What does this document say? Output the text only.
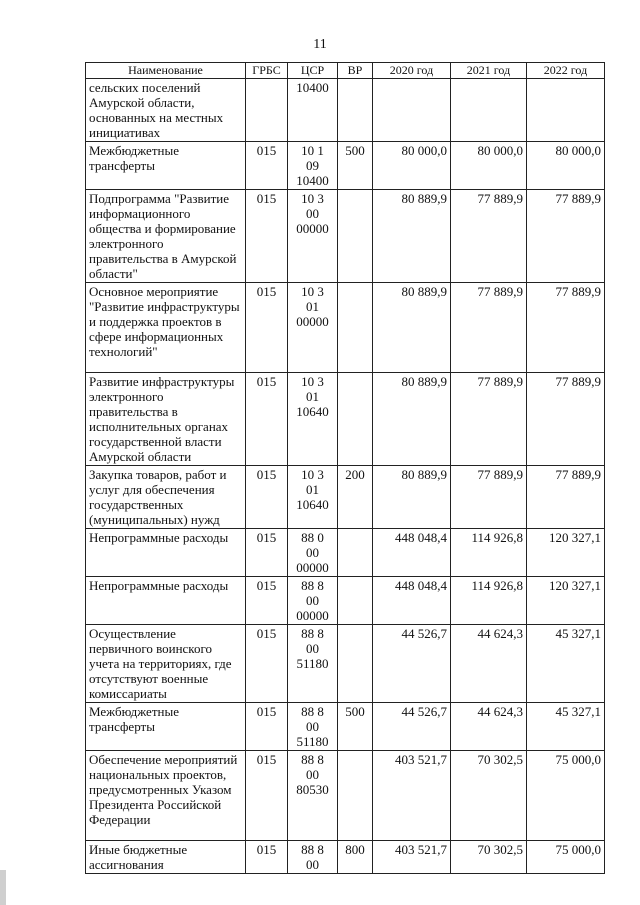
11
Наименование	ГРБС	ЦСР	ВР	2020 год	2021 год	2022 год
сельских поселений Амурской области, основанных на местных инициативах		10400				

Межбюджетные трансферты	015	10 1
09
10400	500	80 000,0	80 000,0	80 000,0
Подпрограмма "Развитие информационного общества и формирование электронного правительства в Амурской области"	015	10 3
00
00000		80 889,9	77 889,9	77 889,9
Основное мероприятие "Развитие инфраструктуры и поддержка проектов в сфере информационных технологий"	015	10 3
01
00000		80 889,9	77 889,9	77 889,9
Развитие инфраструктуры электронного правительства в исполнительных органах государственной власти Амурской области	015	10 3
01
10640		80 889,9	77 889,9	77 889,9
Закупка товаров, работ и услуг для обеспечения государственных (муниципальных) нужд	015	10 3
01
10640	200	80 889,9	77 889,9	77 889,9
Непрограммные расходы	015	88 0
00
00000		448 048,4	114 926,8	120 327,1
Непрограммные расходы	015	88 8
00
00000		448 048,4	114 926,8	120 327,1
Осуществление первичного воинского учета на территориях, где отсутствуют военные комиссариаты	015	88 8
00
51180		44 526,7	44 624,3	45 327,1
Межбюджетные трансферты	015	88 8
00
51180	500	44 526,7	44 624,3	45 327,1
Обеспечение мероприятий национальных проектов, предусмотренных Указом Президента Российской Федерации	015	88 8
00
80530		403 521,7	70 302,5	75 000,0
Иные бюджетные ассигнования	015	88 8
00	800	403 521,7	70 302,5	75 000,0
